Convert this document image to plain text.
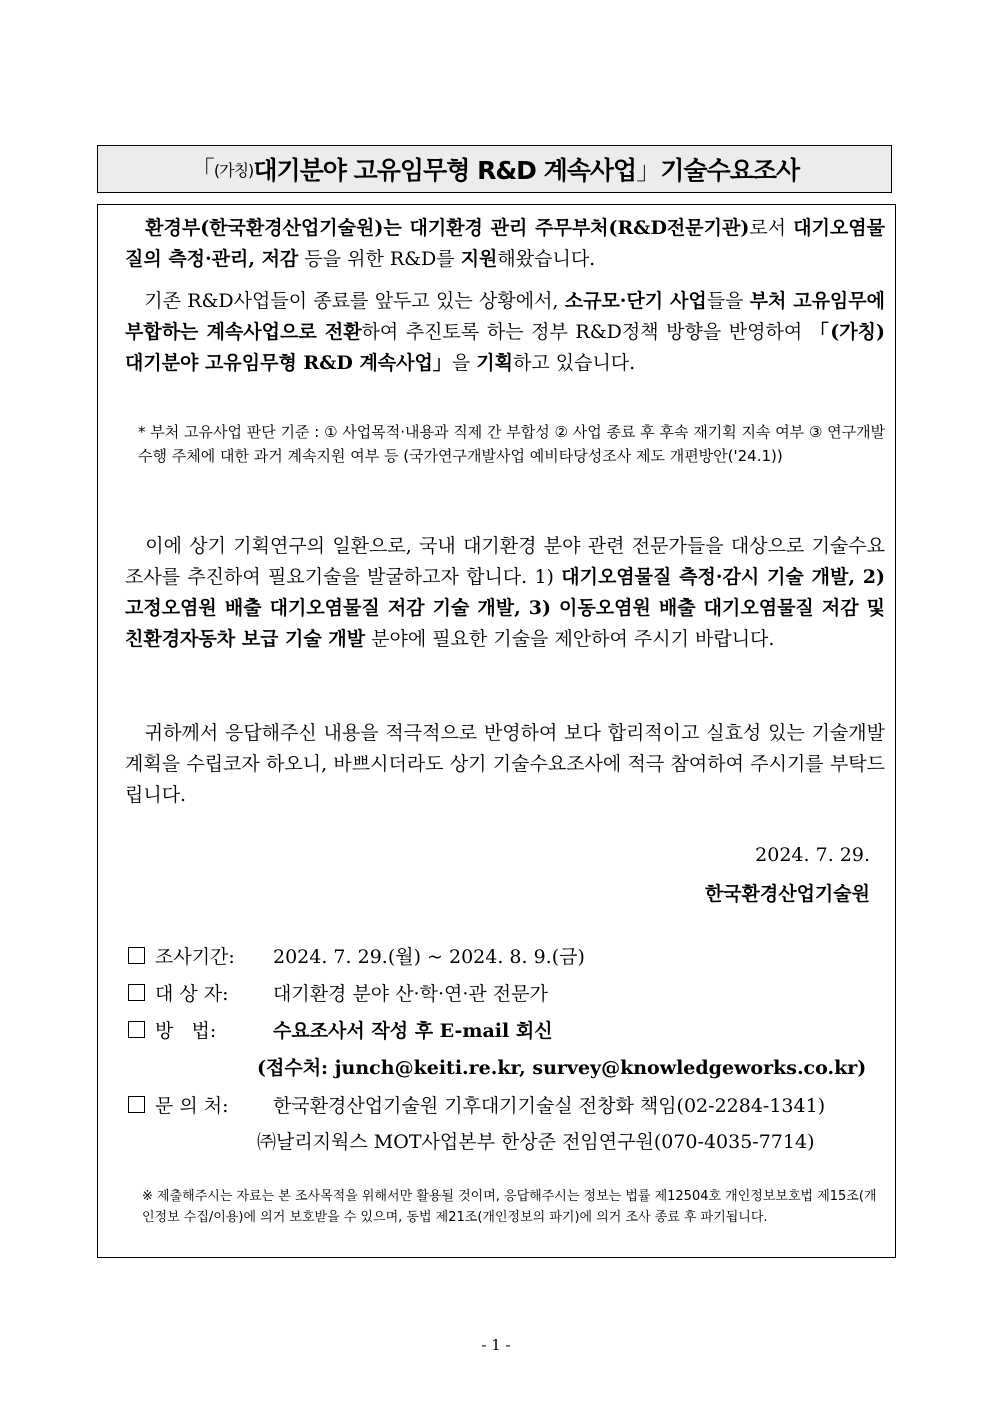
「 (가칭) 대기분야 고유임무형 R&D 계속사업 」 기술수요조사

　환경부(한국환경산업기술원)는 대기환경 관리 주무부처(R&D전문기관)로서 대기오염물질의 측정·관리, 저감 등을 위한 R&D를 지원해왔습니다.

　기존 R&D사업들이 종료를 앞두고 있는 상황에서, 소규모·단기 사업들을 부처 고유임무에 부합하는 계속사업으로 전환하여 추진토록 하는 정부 R&D정책 방향을 반영하여 「(가칭)대기분야 고유임무형 R&D 계속사업」을 기획하고 있습니다.

* 부처 고유사업 판단 기준 : ① 사업목적·내용과 직제 간 부합성 ② 사업 종료 후 후속 재기획 지속 여부 ③ 연구개발 수행 주체에 대한 과거 계속지원 여부 등 (국가연구개발사업 예비타당성조사 제도 개편방안('24.1))

　이에 상기 기획연구의 일환으로, 국내 대기환경 분야 관련 전문가들을 대상으로 기술수요조사를 추진하여 필요기술을 발굴하고자 합니다. 1) 대기오염물질 측정·감시 기술 개발, 2) 고정오염원 배출 대기오염물질 저감 기술 개발, 3) 이동오염원 배출 대기오염물질 저감 및 친환경자동차 보급 기술 개발 분야에 필요한 기술을 제안하여 주시기 바랍니다.

　귀하께서 응답해주신 내용을 적극적으로 반영하여 보다 합리적이고 실효성 있는 기술개발계획을 수립코자 하오니, 바쁘시더라도 상기 기술수요조사에 적극 참여하여 주시기를 부탁드립니다.

2024. 7. 29.
한국환경산업기술원
조사기간: 2024. 7. 29.(월) ~ 2024. 8. 9.(금)
대 상 자: 대기환경 분야 산·학·연·관 전문가
방   법:	수요조사서 작성 후 E-mail 회신
(접수처: junch@keiti.re.kr, survey@knowledgeworks.co.kr)
문 의 처: 한국환경산업기술원 기후대기기술실 전창화 책임(02-2284-1341)
㈜날리지웍스 MOT사업본부 한상준 전임연구원(070-4035-7714)
※ 제출해주시는 자료는 본 조사목적을 위해서만 활용될 것이며, 응답해주시는 정보는 법률 제12504호 개인정보보호법 제15조(개인정보 수집/이용)에 의거 보호받을 수 있으며, 동법 제21조(개인정보의 파기)에 의거 조사 종료 후 파기됩니다.
- 1 -
